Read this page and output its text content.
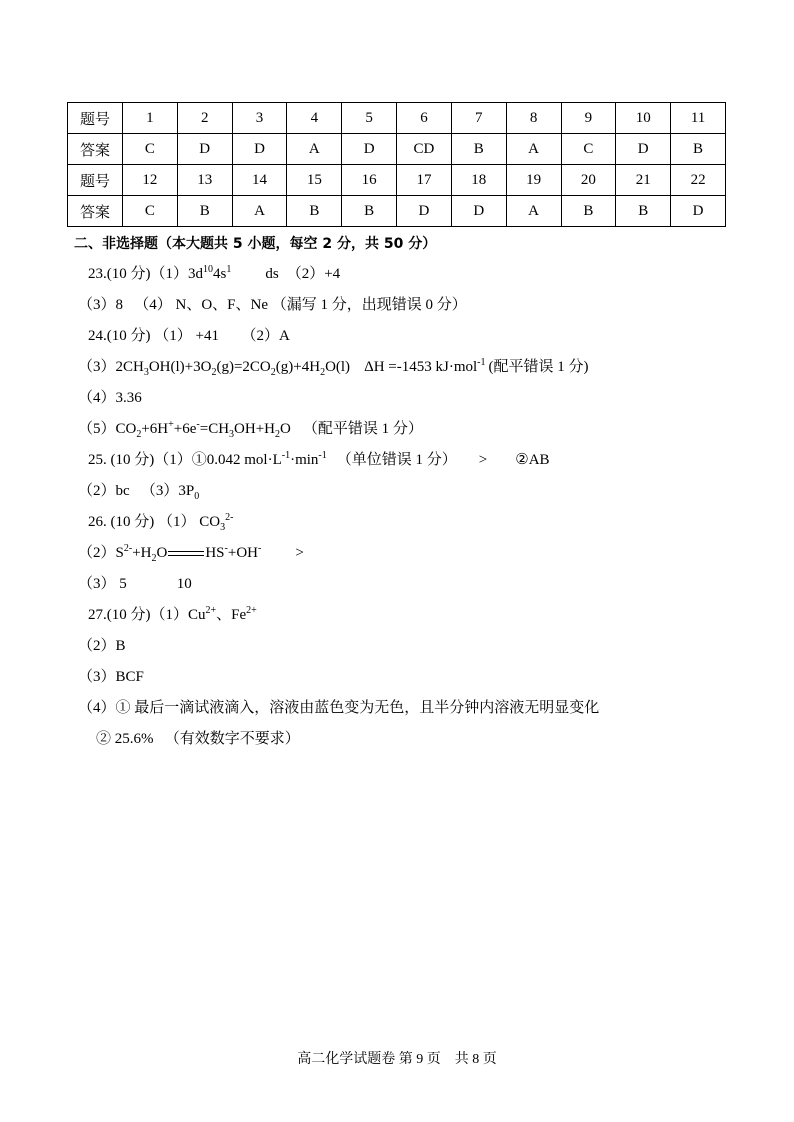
题号	1	2	3	4	5	6	7	8	9	10	11
答案	C	D	D	A	D	CD	B	A	C	D	B
题号	12	13	14	15	16	17	18	19	20	21	22
答案	C	B	A	B	B	D	D	A	B	B	D
二、非选择题（本大题共 5 小题，每空 2 分，共 50 分）
23.(10 分)$(1)3d^{10}4s^1$ ds （2）+4
（3）8 　（4） N、O、F、Ne （漏写 1 分，出现错误 0 分）
24.(10 分) （1） +41 　 （2）A
$(3)2CH_3OH(l)+3O_2(g)=2CO_2(g)+4H_2O(l)$ ΔH =-1453 kJ·mol$^{-1}$ (配平错误 1 分)
（4）3.36
$(5)CO_2+6H^++6e^-=CH_3OH+H_2O$ （配平错误 1 分）
25. (10 分)（1）①0.042 $mol\cdot L^{-1}\cdot\min^{-1}$ （单位错误 1 分） > ②AB
（2）bc 　$(3)3P_0$
26. (10 分) （1） $CO_3^{2-}$
$(2)S^{2-}+H_2O$	HS-+OH- >
（3） 5	10
27.(10 分)$(1)Cu^{2+}$、$Fe^{2+}$
（2）B
（3）BCF
（4）① 最后一滴试液滴入，溶液由蓝色变为无色，且半分钟内溶液无明显变化
② 25.6% 　（有效数字不要求）
高二化学试题卷 第 9 页　共 8 页
